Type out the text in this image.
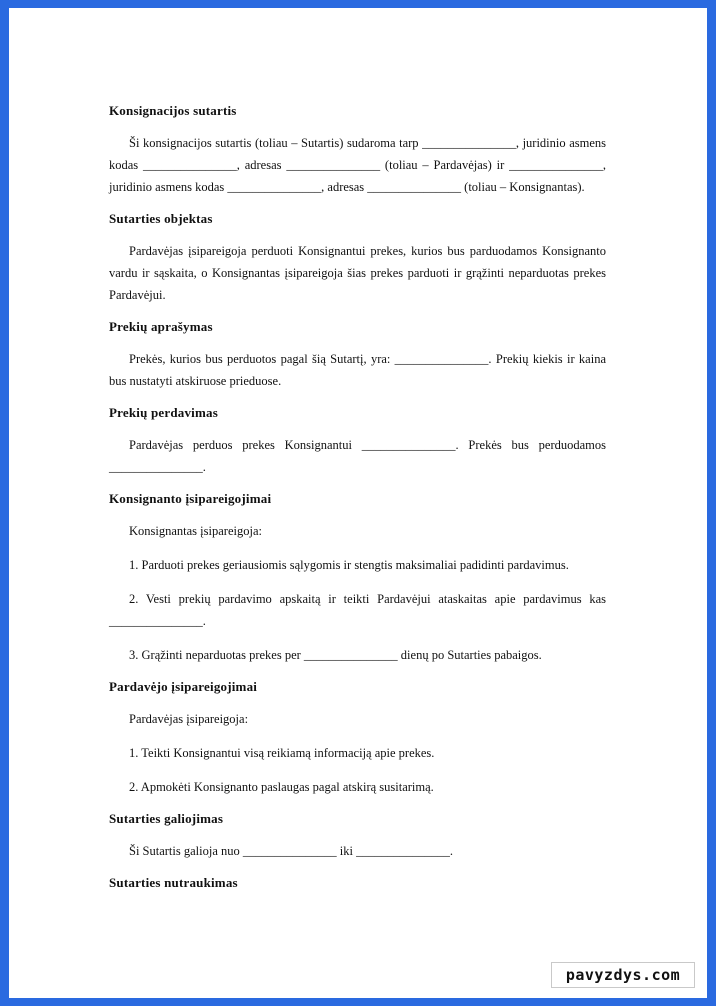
Konsignacijos sutartis

Ši konsignacijos sutartis (toliau – Sutartis) sudaroma tarp _______________, juridinio asmens kodas _______________, adresas _______________ (toliau – Pardavėjas) ir _______________, juridinio asmens kodas _______________, adresas _______________ (toliau – Konsignantas).

Sutarties objektas

Pardavėjas įsipareigoja perduoti Konsignantui prekes, kurios bus parduodamos Konsignanto vardu ir sąskaita, o Konsignantas įsipareigoja šias prekes parduoti ir grąžinti neparduotas prekes Pardavėjui.

Prekių aprašymas

Prekės, kurios bus perduotos pagal šią Sutartį, yra: _______________. Prekių kiekis ir kaina bus nustatyti atskiruose prieduose.

Prekių perdavimas

Pardavėjas perduos prekes Konsignantui _______________. Prekės bus perduodamos _______________.

Konsignanto įsipareigojimai

Konsignantas įsipareigoja:

1. Parduoti prekes geriausiomis sąlygomis ir stengtis maksimaliai padidinti pardavimus.

2. Vesti prekių pardavimo apskaitą ir teikti Pardavėjui ataskaitas apie pardavimus kas _______________.

3. Grąžinti neparduotas prekes per _______________ dienų po Sutarties pabaigos.

Pardavėjo įsipareigojimai

Pardavėjas įsipareigoja:

1. Teikti Konsignantui visą reikiamą informaciją apie prekes.

2. Apmokėti Konsignanto paslaugas pagal atskirą susitarimą.

Sutarties galiojimas

Ši Sutartis galioja nuo _______________ iki _______________.

Sutarties nutraukimas
pavyzdys.com
